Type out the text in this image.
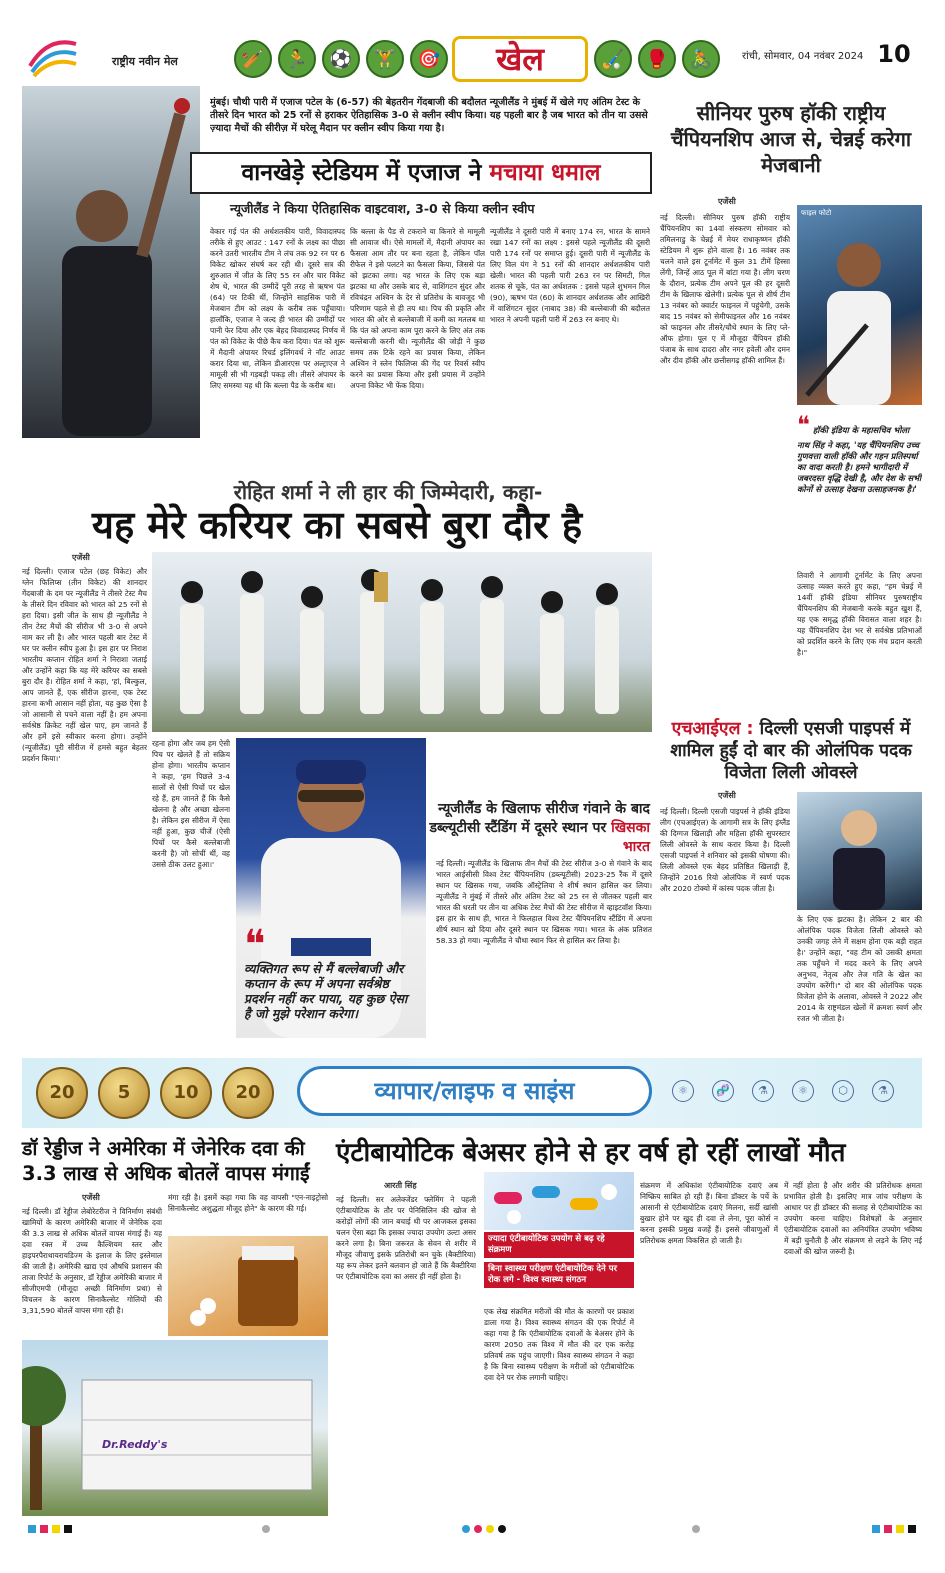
राष्ट्रीय नवीन मेल	🏏	🏃	⚽	🏋	🎯	खेल	🏑	🥊	🚴	रांची, सोमवार, 04 नवंबर 2024 10
मुंबई। चौथी पारी में एजाज पटेल के (6-57) की बेहतरीन गेंदबाजी की बदौलत न्यूजीलैंड ने मुंबई में खेले गए अंतिम टेस्ट के तीसरे दिन भारत को 25 रनों से हराकर ऐतिहासिक 3-0 से क्लीन स्वीप किया। यह पहली बार है जब भारत को तीन या उससे ज़्यादा मैचों की सीरीज़ में घरेलू मैदान पर क्लीन स्वीप किया गया है।
वानखेड़े स्टेडियम में एजाज ने मचाया धमाल
न्यूजीलैंड ने किया ऐतिहासिक वाइटवाश, 3-0 से किया क्लीन स्वीप
वेकार गई पंत की अर्धशतकीय पारी, विवादास्पद तरीके से हुए आउट : 147 रनों के लक्ष्य का पीछा करने उतरी भारतीय टीम ने लंच तक 92 रन पर 6 विकेट खोकर संघर्ष कर रही थी। दूसरे सत्र की शुरुआत में जीत के लिए 55 रन और चार विकेट शेष थे, भारत की उम्मीदें पूरी तरह से ऋषभ पंत (64) पर टिकी थीं, जिन्होंने साहसिक पारी में मेजबान टीम को लक्ष्य के करीब तक पहुँचाया। हालाँकि, एजाज ने जल्द ही भारत की उम्मीदों पर पानी फेर दिया और एक बेहद विवादास्पद निर्णय में पंत को विकेट के पीछे कैच करा दिया। पंत को शुरू में मैदानी अंपायर रिचर्ड इलिंगवर्थ ने नॉट आउट करार दिया था, लेकिन डीआरएस पर अल्ट्राएज ने मामूली सी भी गड़बड़ी पकड़ ली। तीसरे अंपायर के लिए समस्या यह थी कि बल्ला पैड के करीब था।
कि बल्ला के पैड से टकराने या किनारे से मामूली सी आवाज थी। ऐसे मामलों में, मैदानी अंपायर का फैसला आम तौर पर बना रहता है, लेकिन पॉल रीफेल ने इसे पलटने का फैसला किया, जिससे पंत को झटका लगा। यह भारत के लिए एक बड़ा झटका था और उसके बाद से, वाशिंगटन सुंदर और रविचंद्रन अश्विन के देर से प्रतिरोध के बावजूद भी परिणाम पहले से ही तय था। पिच की प्रकृति और भारत की ओर से बल्लेबाजी में कमी का मतलब था कि पंत को अपना काम पूरा करने के लिए अंत तक बल्लेबाजी करनी थी। न्यूजीलैंड की जोड़ी ने कुछ समय तक टिके रहने का प्रयास किया, लेकिन अश्विन ने स्लेन फिलिप्स की गेंद पर रिवर्स स्वीप करने का प्रयास किया और इसी प्रयास में उन्होंने अपना विकेट भी फेंक दिया।
न्यूजीलैंड ने दूसरी पारी में बनाए 174 रन, भारत के सामने रखा 147 रनों का लक्ष्य : इससे पहले न्यूजीलैंड की दूसरी पारी 174 रनों पर समाप्त हुई। दूसरी पारी में न्यूजीलैंड के लिए विल यंग ने 51 रनों की शानदार अर्धशतकीय पारी खेली। भारत की पहली पारी 263 रन पर सिमटी, गिल शतक से चूके, पंत का अर्धशतक : इससे पहले शुभमन गिल (90), ऋषभ पंत (60) के शानदार अर्धशतक और आखिरी में वाशिंगटन सुंदर (नाबाद 38) की बल्लेबाजी की बदौलत भारत ने अपनी पहली पारी में 263 रन बनाए थे।
सीनियर पुरुष हॉकी राष्ट्रीय चैंपियनशिप आज से, चेन्नई करेगा मेजबानी
एजेंसी
नई दिल्ली। सीनियर पुरुष हॉकी राष्ट्रीय चैंपियनशिप का 14वां संस्करण सोमवार को तमिलनाडु के चेन्नई में मेयर राधाकृष्णन हॉकी स्टेडियम में शुरू होने वाला है। 16 नवंबर तक चलने वाले इस टूर्नामेंट में कुल 31 टीमें हिस्सा लेंगी, जिन्हें आठ पूल में बांटा गया है। लीग चरण के दौरान, प्रत्येक टीम अपने पूल की हर दूसरी टीम के खिलाफ खेलेगी। प्रत्येक पूल से शीर्ष टीम 13 नवंबर को क्वार्टर फाइनल में पहुंचेगी, उसके बाद 15 नवंबर को सेमीफाइनल और 16 नवंबर को फाइनल और तीसरे/चौथे स्थान के लिए प्ले-ऑफ होगा। पूल ए में मौजूदा चैंपियन हॉकी पंजाब के साथ दादरा और नगर हवेली और दमन और दीव हॉकी और छत्तीसगढ़ हॉकी शामिल हैं।
फाइल फोटो
❝ हॉकी इंडिया के महासचिव भोला नाथ सिंह ने कहा, 'यह चैंपियनशिप उच्च गुणवत्ता वाली हॉकी और गहन प्रतिस्पर्धा का वादा करती है। हमने भागीदारी में जबरदस्त वृद्धि देखी है, और देश के सभी कोनों से उत्साह देखना उत्साहजनक है।'
तिवारी ने आगामी टूर्नामेंट के लिए अपना उत्साह व्यक्त करते हुए कहा, "हम चेन्नई में 14वीं हॉकी इंडिया सीनियर पुरुषराष्ट्रीय चैंपियनशिप की मेजबानी करके बहुत खुश हैं, यह एक समृद्ध हॉकी विरासत वाला शहर है। यह चैंपियनशिप देश भर से सर्वश्रेष्ठ प्रतिभाओं को प्रदर्शित करने के लिए एक मंच प्रदान करती है।"
रोहित शर्मा ने ली हार की जिम्मेदारी, कहा-
यह मेरे करियर का सबसे बुरा दौर है
एजेंसी
नई दिल्ली। एजाज पटेल (छह विकेट) और ग्लेन फिलिप्स (तीन विकेट) की शानदार गेंदबाजी के दम पर न्यूजीलैंड ने तीसरे टेस्ट मैच के तीसरे दिन रविवार को भारत को 25 रनों से हरा दिया। इसी जीत के साथ ही न्यूजीलैंड ने तीन टेस्ट मैचों की सीरीज भी 3-0 से अपने नाम कर ली है। और भारत पहली बार टेस्ट में घर पर क्लीन स्वीप हुआ है। इस हार पर निराश भारतीय कप्तान रोहित शर्मा ने निराशा जताई और उन्होंने कहा कि यह मेरे करियर का सबसे बुरा दौर है। रोहित शर्मा ने कहा, 'हां, बिल्कुल, आप जानते हैं, एक सीरीज हारना, एक टेस्ट हारना कभी आसान नहीं होता, यह कुछ ऐसा है जो आसानी से पचने वाला नहीं है। हम अपना सर्वश्रेष्ठ क्रिकेट नहीं खेल पाए, हम जानते हैं और हमें इसे स्वीकार करना होगा। उन्होंने (न्यूजीलैंड) पूरी सीरीज में हमसे बहुत बेहतर प्रदर्शन किया।'
रहना होगा और जब हम ऐसी पिच पर खेलते हैं तो सक्रिय होना होगा। भारतीय कप्तान ने कहा, 'हम पिछले 3-4 सालों से ऐसी पिचों पर खेल रहे हैं, हम जानते हैं कि कैसे खेलना है और अच्छा खेलना है। लेकिन इस सीरीज में ऐसा नहीं हुआ, कुछ चीजें (ऐसी पिचों पर कैसे बल्लेबाजी करनी है) जो सोचीं थीं, वह उससे ठीक उलट हुआ।'
❝
व्यक्तिगत रूप से मैं बल्लेबाजी और कप्तान के रूप में अपना सर्वश्रेष्ठ प्रदर्शन नहीं कर पाया, यह कुछ ऐसा है जो मुझे परेशान करेगा।
न्यूजीलैंड के खिलाफ सीरीज गंवाने के बाद डब्ल्यूटीसी स्टैंडिंग में दूसरे स्थान पर खिसका भारत
नई दिल्ली। न्यूजीलैंड के खिलाफ तीन मैचों की टेस्ट सीरीज 3-0 से गंवाने के बाद भारत आईसीसी विश्व टेस्ट चैंपियनशिप (डब्ल्यूटीसी) 2023-25 रैंक में दूसरे स्थान पर खिसक गया, जबकि ऑस्ट्रेलिया ने शीर्ष स्थान हासिल कर लिया। न्यूजीलैंड ने मुंबई में तीसरे और अंतिम टेस्ट को 25 रन से जीतकर पहली बार भारत की धरती पर तीन या अधिक टेस्ट मैचों की टेस्ट सीरीज में व्हाइटवॉश किया। इस हार के साथ ही, भारत ने फिलहाल विश्व टेस्ट चैंपियनशिप स्टैंडिंग में अपना शीर्ष स्थान खो दिया और दूसरे स्थान पर खिसक गया। भारत के अंक प्रतिशत 58.33 हो गया। न्यूजीलैंड ने चौथा स्थान फिर से हासिल कर लिया है।
एचआईएल : दिल्ली एसजी पाइपर्स में शामिल हुईं दो बार की ओलंपिक पदक विजेता लिली ओवस्ले
एजेंसी
नई दिल्ली। दिल्ली एसजी पाइपर्स ने हॉकी इंडिया लीग (एचआईएल) के आगामी सत्र के लिए इंग्लैंड की दिग्गज खिलाड़ी और महिला हॉकी सुपरस्टार लिली ओवस्ले के साथ करार किया है। दिल्ली एसजी पाइपर्स ने शनिवार को इसकी घोषणा की। लिली ओवस्ले एक बेहद प्रतिष्ठित खिलाड़ी हैं, जिन्होंने 2016 रियो ओलंपिक में स्वर्ण पदक और 2020 टोक्यो में कांस्य पदक जीता है।
के लिए एक झटका है। लेकिन 2 बार की ओलंपिक पदक विजेता लिली ओवस्ले को उनकी जगह लेने में सक्षम होना एक बड़ी राहत है।' उन्होंने कहा, "वह टीम को उसकी क्षमता तक पहुँचने में मदद करने के लिए अपने अनुभव, नेतृत्व और तेज गति के खेल का उपयोग करेंगी।" दो बार की ओलंपिक पदक विजेता होने के अलावा, ओवस्ले ने 2022 और 2014 के राष्ट्रमंडल खेलों में क्रमशः स्वर्ण और रजत भी जीता है।
20	5	10	20	व्यापार/लाइफ व साइंस	⚛	🧬	⚗	⚛	⬡	⚗
डॉ रेड्डीज ने अमेरिका में जेनेरिक दवा की 3.3 लाख से अधिक बोतलें वापस मंगाईं
एजेंसी
नई दिल्ली। डॉ रेड्डीज लेबोरेटरीज ने विनिर्माण संबंधी खामियों के कारण अमेरिकी बाजार में जेनेरिक दवा की 3.3 लाख से अधिक बोतलें वापस मंगाई हैं। यह दवा रक्त में उच्च कैल्शियम स्तर और हाइपरपैराथायरायडिज्म के इलाज के लिए इस्तेमाल की जाती है। अमेरिकी खाद्य एवं औषधि प्रशासन की ताजा रिपोर्ट के अनुसार, डॉ रेड्डीज अमेरिकी बाजार में सीजीएमपी (मौजूदा अच्छी विनिर्माण प्रथा) से विचलन के कारण सिनाकैल्सेट गोलियों की 3,31,590 बोतलें वापस मंगा रही है।
मंगा रही है। इसमें कहा गया कि वह वापसी "एन-नाइट्रोसो सिनाकैल्सेट अशुद्धता मौजूद होने" के कारण की गई।
Dr.Reddy's
एंटीबायोटिक बेअसर होने से हर वर्ष हो रहीं लाखों मौत
आरती सिंह
ज्यादा एंटीबायोटिक उपयोग से बढ़ रहे संक्रमण
बिना स्वास्थ्य परीक्षण एंटीबायोटिक देने पर रोक लगे - विश्व स्वास्थ्य संगठन
नई दिल्ली। सर अलेक्जेंडर फ्लेमिंग ने पहली एंटीबायोटिक के तौर पर पेनिसिलिन की खोज से करोड़ों लोगों की जान बचाई थी पर आजकल इसका चलन ऐसा बढ़ा कि इसका ज्यादा उपयोग उल्टा असर करने लगा है। बिना जरूरत के सेवन से शरीर में मौजूद जीवाणु इसके प्रतिरोधी बन चुके (बैक्टीरिया) यह रूप लेकर इतने बलवान हो जाते हैं कि बैक्टीरिया पर एंटीबायोटिक दवा का असर ही नहीं होता है।
एक लेख संक्रमित मरीजों की मौत के कारणों पर प्रकाश डाला गया है। विश्व स्वास्थ्य संगठन की एक रिपोर्ट में कहा गया है कि एंटीबायोटिक दवाओं के बेअसर होने के कारण 2050 तक विश्व में मौत की दर एक करोड़ प्रतिवर्ष तक पहुंच जाएगी। विश्व स्वास्थ्य संगठन ने कहा है कि बिना स्वास्थ्य परीक्षण के मरीजों को एंटीबायोटिक दवा देने पर रोक लगानी चाहिए।
संक्रमण में अधिकांश एंटीबायोटिक दवाएं अब निष्क्रिय साबित हो रही हैं। बिना डॉक्टर के पर्चे के आसानी से एंटीबायोटिक दवाएं मिलना, सर्दी खांसी बुखार होने पर खुद ही दवा ले लेना, पूरा कोर्स न करना इसकी प्रमुख वजहें हैं। इससे जीवाणुओं में प्रतिरोधक क्षमता विकसित हो जाती है।
में नहीं होता है और शरीर की प्रतिरोधक क्षमता प्रभावित होती है। इसलिए मात्र जांच परीक्षण के आधार पर ही डॉक्टर की सलाह से एंटीबायोटिक का उपयोग करना चाहिए। विशेषज्ञों के अनुसार एंटीबायोटिक दवाओं का अनियंत्रित उपयोग भविष्य में बड़ी चुनौती है और संक्रमण से लड़ने के लिए नई दवाओं की खोज जरूरी है।
